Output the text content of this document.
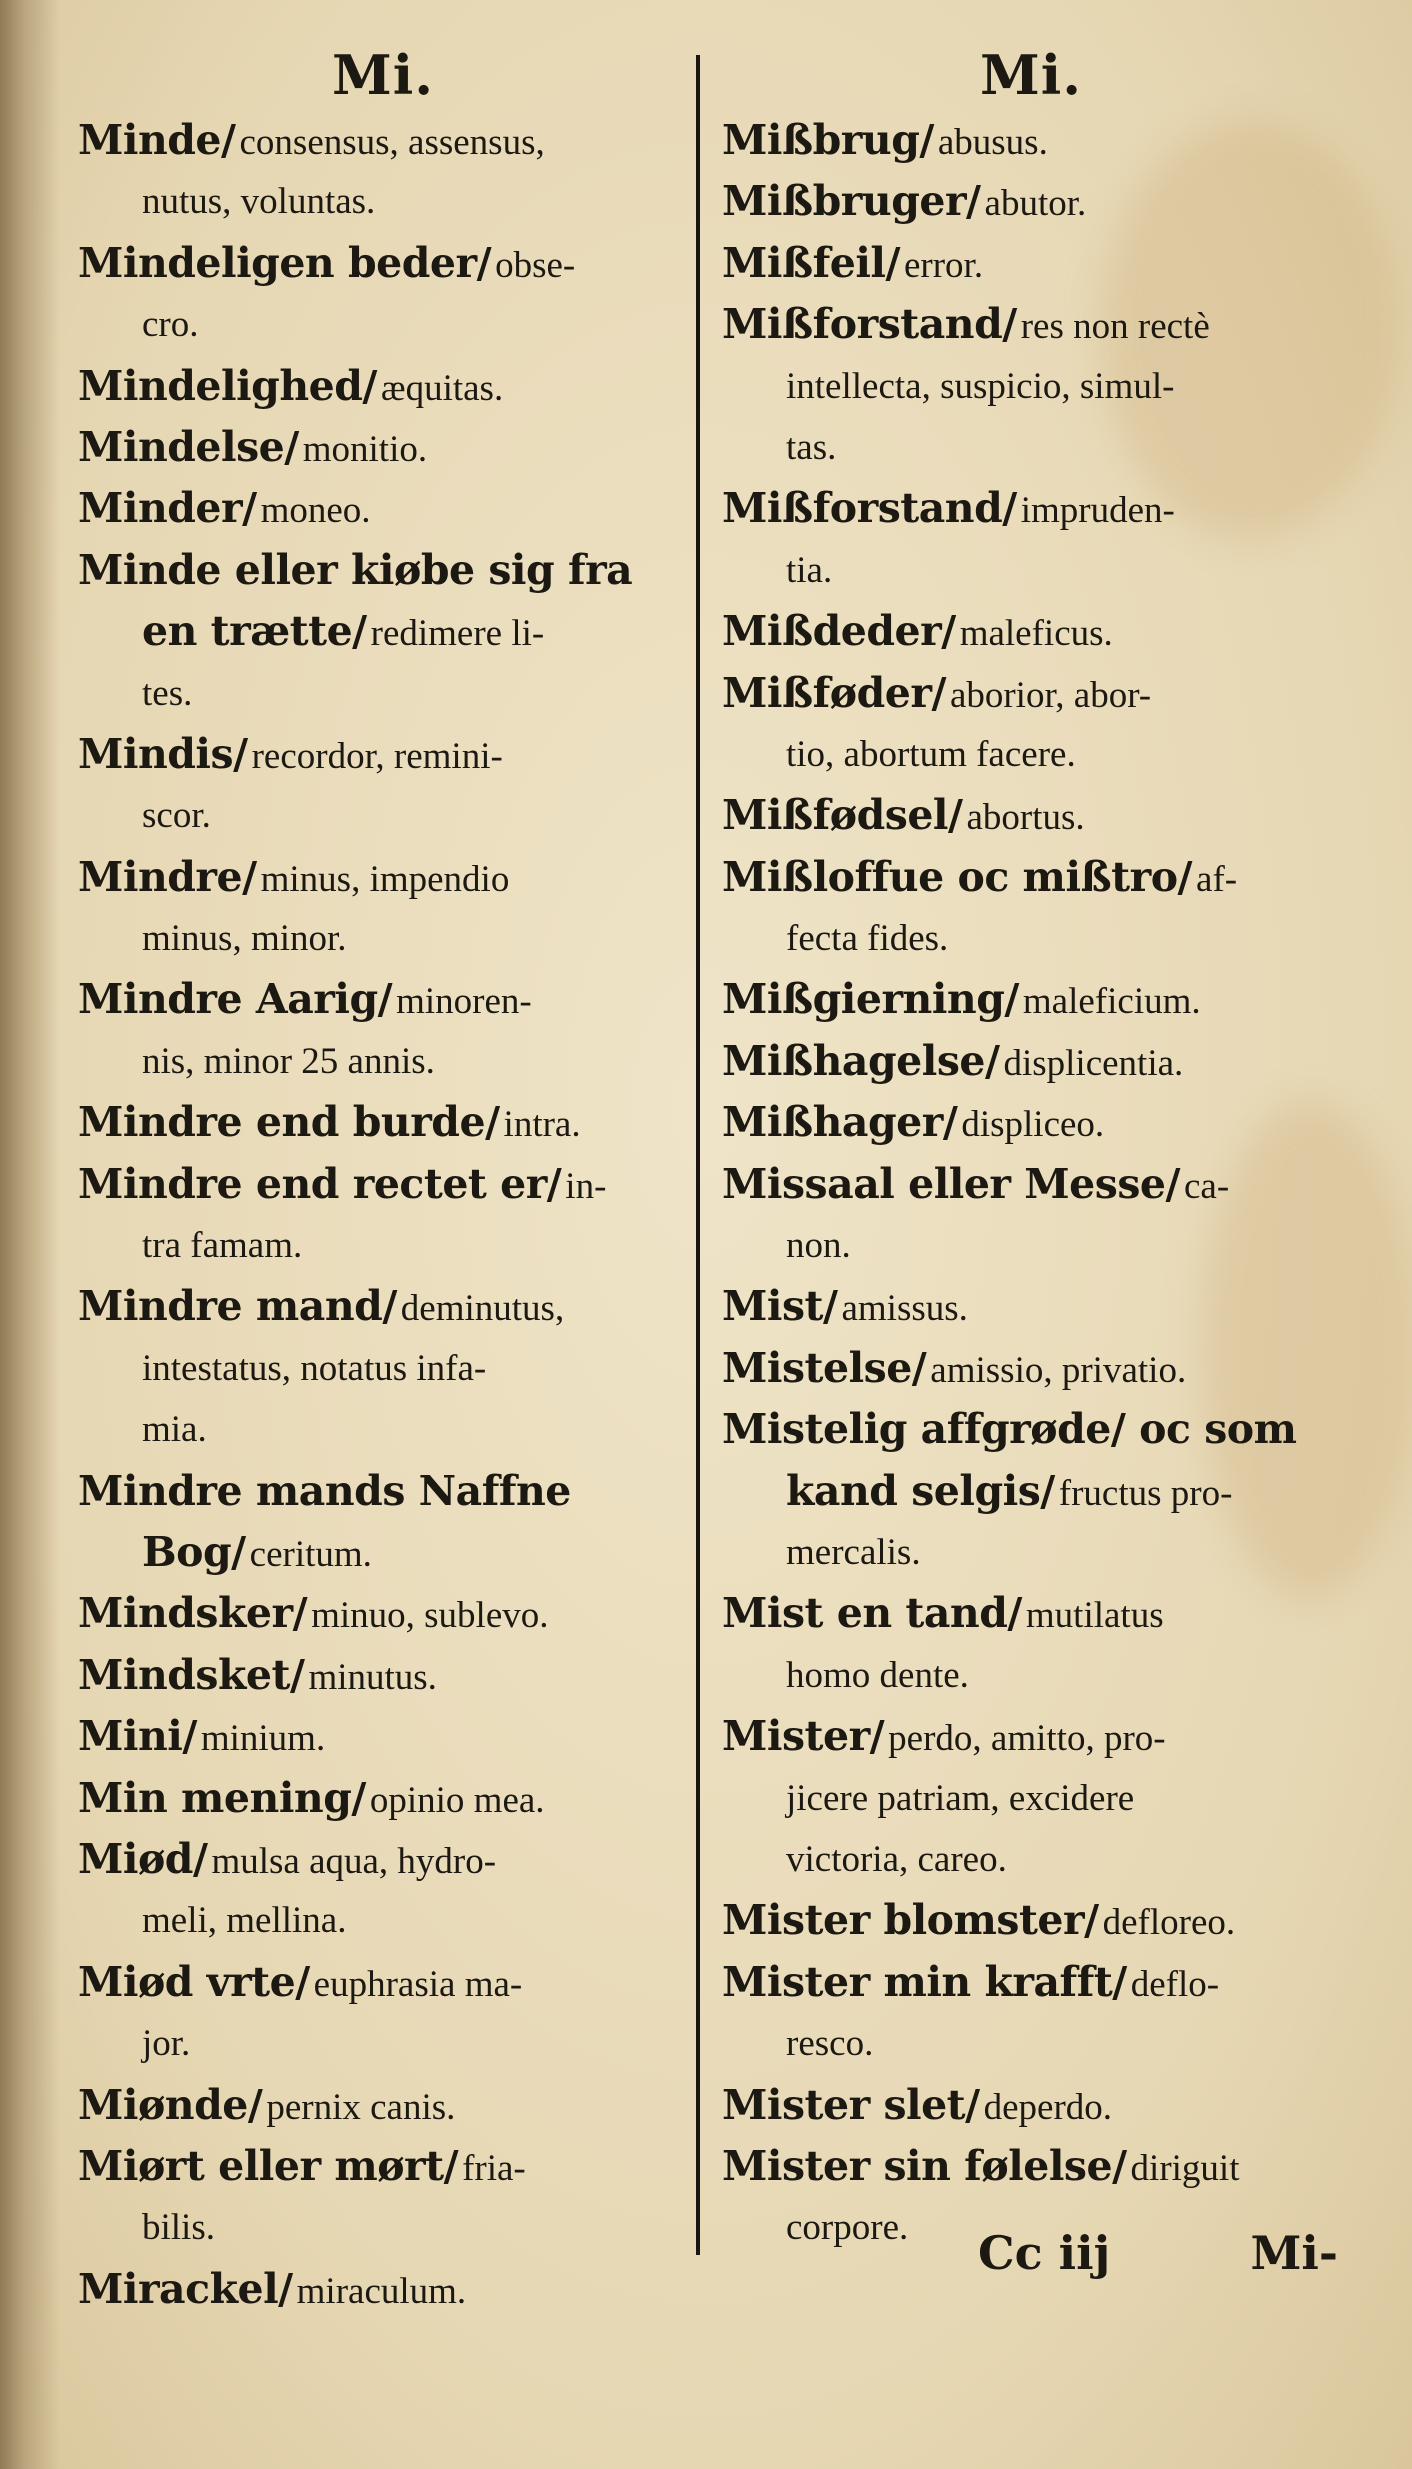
Mi.
Minde/ consensus, assensus,
nutus, voluntas.
Mindeligen beder/ obse-
cro.
Mindelighed/ æquitas.
Mindelse/ monitio.
Minder/ moneo.
Minde eller kiøbe sig fra
en trætte/ redimere li-
tes.
Mindis/ recordor, remini-
scor.
Mindre/ minus, impendio
minus, minor.
Mindre Aarig/ minoren-
nis, minor 25 annis.
Mindre end burde/ intra.
Mindre end rectet er/ in-
tra famam.
Mindre mand/ deminutus,
intestatus, notatus infa-
mia.
Mindre mands Naffne
Bog/ ceritum.
Mindsker/ minuo, sublevo.
Mindsket/ minutus.
Mini/ minium.
Min mening/ opinio mea.
Miød/ mulsa aqua, hydro-
meli, mellina.
Miød vrte/ euphrasia ma-
jor.
Miønde/ pernix canis.
Miørt eller mørt/ fria-
bilis.
Mirackel/ miraculum.
Mi.
Mißbrug/ abusus.
Mißbruger/ abutor.
Mißfeil/ error.
Mißforstand/ res non rectè
intellecta, suspicio, simul-
tas.
Mißforstand/ impruden-
tia.
Mißdeder/ maleficus.
Mißføder/ aborior, abor-
tio, abortum facere.
Mißfødsel/ abortus.
Mißloffue oc mißtro/ af-
fecta fides.
Mißgierning/ maleficium.
Mißhagelse/ displicentia.
Mißhager/ displiceo.
Missaal eller Messe/ ca-
non.
Mist/ amissus.
Mistelse/ amissio, privatio.
Mistelig affgrøde/ oc som
kand selgis/ fructus pro-
mercalis.
Mist en tand/ mutilatus
homo dente.
Mister/ perdo, amitto, pro-
jicere patriam, excidere
victoria, careo.
Mister blomster/ defloreo.
Mister min krafft/ deflo-
resco.
Mister slet/ deperdo.
Mister sin følelse/ diriguit
corpore.	Cc iij	Mi-
